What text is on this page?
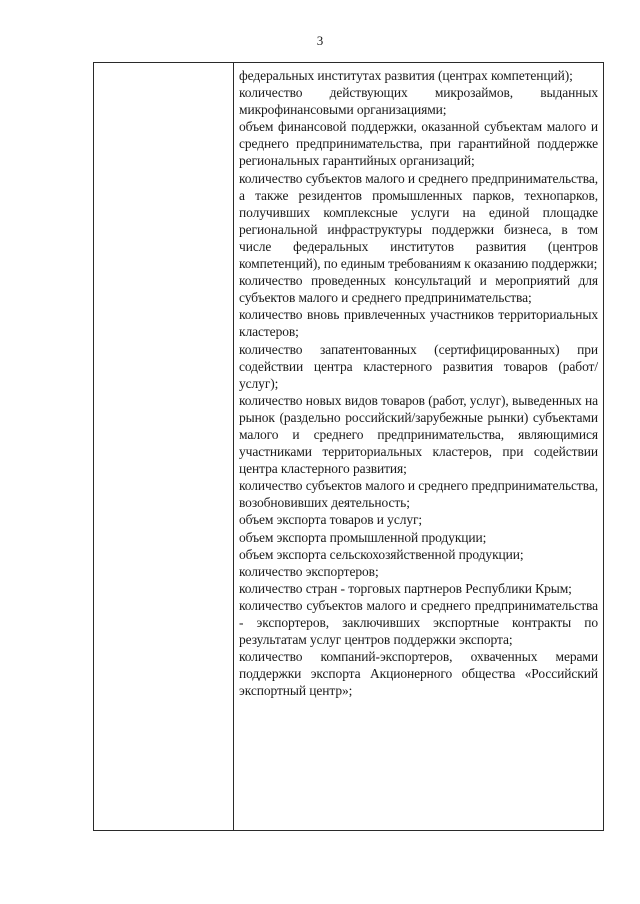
3

федеральных институтах развития (центрах компетенций);

количество действующих микрозаймов, выданных микрофинансовыми организациями;

объем финансовой поддержки, оказанной субъектам малого и среднего предпринимательства, при гарантийной поддержке региональных гарантийных организаций;

количество субъектов малого и среднего предпринимательства, а также резидентов промышленных парков, технопарков, получивших комплексные услуги на единой площадке региональной инфраструктуры поддержки бизнеса, в том числе федеральных институтов развития (центров компетенций), по единым требованиям к оказанию поддержки;

количество проведенных консультаций и мероприятий для субъектов малого и среднего предпринимательства;

количество вновь привлеченных участников территориальных кластеров;

количество запатентованных (сертифицированных) при содействии центра кластерного развития товаров (работ/услуг);

количество новых видов товаров (работ, услуг), выведенных на рынок (раздельно российский/зарубежные рынки) субъектами малого и среднего предпринимательства, являющимися участниками территориальных кластеров, при содействии центра кластерного развития;

количество субъектов малого и среднего предпринимательства, возобновивших деятельность;

объем экспорта товаров и услуг;

объем экспорта промышленной продукции;

объем экспорта сельскохозяйственной продукции;

количество экспортеров;

количество стран - торговых партнеров Республики Крым;

количество субъектов малого и среднего предпринимательства - экспортеров, заключивших экспортные контракты по результатам услуг центров поддержки экспорта;

количество компаний-экспортеров, охваченных мерами поддержки экспорта Акционерного общества «Российский экспортный центр»;
